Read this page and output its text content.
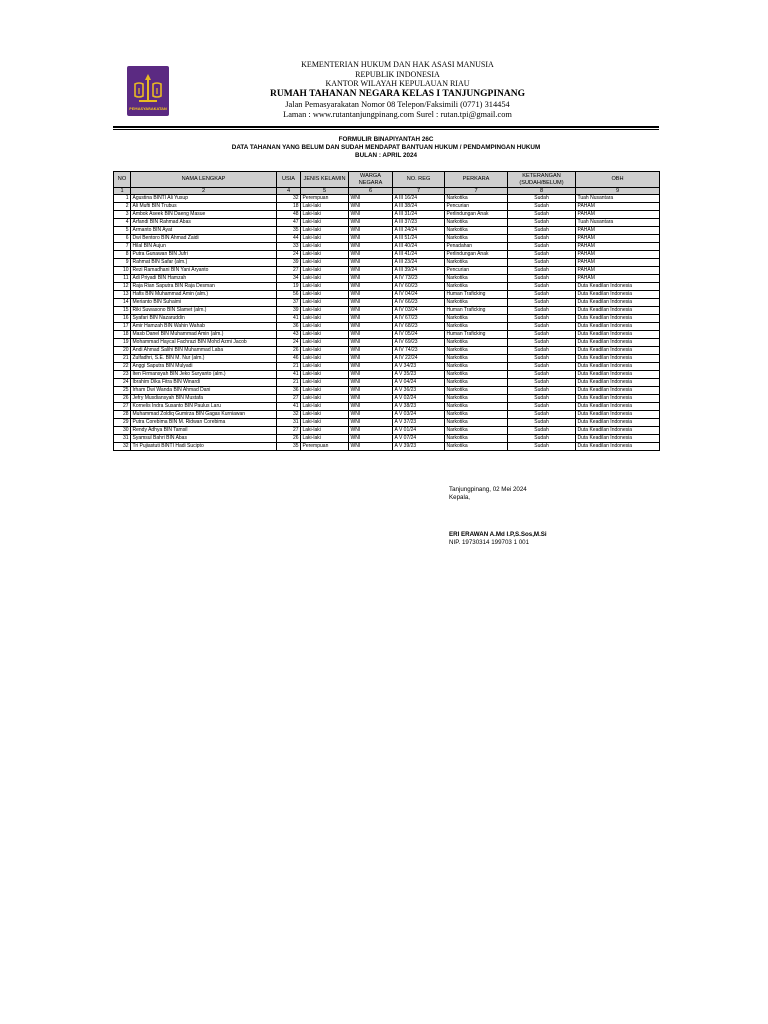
PEMASYARAKATAN
KEMENTERIAN HUKUM DAN HAK ASASI MANUSIA
REPUBLIK INDONESIA
KANTOR WILAYAH KEPULAUAN RIAU
RUMAH TAHANAN NEGARA KELAS I TANJUNGPINANG
Jalan Pemasyarakatan Nomor 08 Telepon/Faksimili (0771) 314454
Laman : www.rutantanjungpinang.com Surel : rutan.tpi@gmail.com
FORMULIR BINAPIYANTAH 26C
DATA TAHANAN YANG BELUM DAN SUDAH MENDAPAT BANTUAN HUKUM / PENDAMPINGAN HUKUM
BULAN : APRIL 2024
NO	NAMA LENGKAP	USIA	JENIS KELAMIN	WARGA NEGARA	NO. REG	PERKARA	KETERANGAN (SUDAH/BELUM)	OBH
1	2	4	5	6	7	7	8	9
1	Agustina BINTI Ali Yusup	32	Perempuan	WNI	A III 16/24	Narkotika	Sudah	Tuah Nusantara
2	Ali Mufti BIN Trubus	18	Laki-laki	WNI	A III 38/24	Pencurian	Sudah	PAHAM
3	Ambok Aseek BIN Daeng Masue	48	Laki-laki	WNI	A III 31/24	Perlindungan Anak	Sudah	PAHAM
4	Arfandi BIN Rahmad Abas	47	Laki-laki	WNI	A III 37/23	Narkotika	Sudah	Tuah Nusantara
5	Armanto BIN Ayat	35	Laki-laki	WNI	A III 24/24	Narkotika	Sudah	PAHAM
6	Dwi Bentoro BIN Ahmad Zaidi	44	Laki-laki	WNI	A III 51/24	Narkotika	Sudah	PAHAM
7	Hilal BIN Aujun	33	Laki-laki	WNI	A III 40/24	Penadahan	Sudah	PAHAM
8	Putra Gunawan BIN Jufri	24	Laki-laki	WNI	A III 41/24	Perlindungan Anak	Sudah	PAHAM
9	Rahmat BIN Safar (alm.)	39	Laki-laki	WNI	A III 23/24	Narkotika	Sudah	PAHAM
10	Rezi Ramadhani BIN Yani Aryanto	27	Laki-laki	WNI	A III 39/24	Pencurian	Sudah	PAHAM
11	Adi Priyadi BIN Hamzah	34	Laki-laki	WNI	A IV 73/23	Narkotika	Sudah	PAHAM
12	Raja Rian Saputra BIN Raja Desman	19	Laki-laki	WNI	A IV 60/23	Narkotika	Sudah	Duta Keadilan Indonesia
13	Hafis BIN Muhammad Amin (alm.)	56	Laki-laki	WNI	A IV 04/24	Human Traficking	Sudah	Duta Keadilan Indonesia
14	Merianto BIN Suhaimi	37	Laki-laki	WNI	A IV 66/23	Narkotika	Sudah	Duta Keadilan Indonesia
15	Riki Suwasono BIN Slamet (alm.)	39	Laki-laki	WNI	A IV 03/24	Human Traficking	Sudah	Duta Keadilan Indonesia
16	Syafari BIN Nazaruddin	41	Laki-laki	WNI	A IV 67/23	Narkotika	Sudah	Duta Keadilan Indonesia
17	Amir Hamzah BIN Wahin Wahab	36	Laki-laki	WNI	A IV 68/23	Narkotika	Sudah	Duta Keadilan Indonesia
18	Masb Danel BIN Muhammad Amin (alm.)	43	Laki-laki	WNI	A IV 05/24	Human Traficking	Sudah	Duta Keadilan Indonesia
19	Mohammad Haycal Fachrazi BIN Mohd Azmi Jacob	24	Laki-laki	WNI	A IV 69/23	Narkotika	Sudah	Duta Keadilan Indonesia
20	Andi Ahmad Salihi BIN Muhammad Laba	26	Laki-laki	WNI	A IV 74/23	Narkotika	Sudah	Duta Keadilan Indonesia
21	Zulfadhri, S.E. BIN M. Nur (alm.)	46	Laki-laki	WNI	A IV 22/24	Narkotika	Sudah	Duta Keadilan Indonesia
22	Anggi Saputra BIN Mulyadi	21	Laki-laki	WNI	A V 34/23	Narkotika	Sudah	Duta Keadilan Indonesia
23	Iten Firmansyah BIN Jeko Suryanto (alm.)	41	Laki-laki	WNI	A V 35/23	Narkotika	Sudah	Duta Keadilan Indonesia
24	Ibrahim Dika Fitra BIN Winardi	21	Laki-laki	WNI	A V 04/24	Narkotika	Sudah	Duta Keadilan Indonesia
25	Irham Dwi Wanda BIN Ahmad Dani	36	Laki-laki	WNI	A V 36/23	Narkotika	Sudah	Duta Keadilan Indonesia
26	Jefry Musdiansyah BIN Mustafa	27	Laki-laki	WNI	A V 02/24	Narkotika	Sudah	Duta Keadilan Indonesia
27	Kornelis Indra Susanto BIN Paulus Laru	41	Laki-laki	WNI	A V 38/23	Narkotika	Sudah	Duta Keadilan Indonesia
28	Muhammad Zoldiq Gumirza BIN Gagas Kurniawan	32	Laki-laki	WNI	A V 03/24	Narkotika	Sudah	Duta Keadilan Indonesia
29	Putra Corebima BIN M. Ridwan Corebima	31	Laki-laki	WNI	A V 37/23	Narkotika	Sudah	Duta Keadilan Indonesia
30	Rendy Adhya BIN Tamsil	27	Laki-laki	WNI	A V 01/24	Narkotika	Sudah	Duta Keadilan Indonesia
31	Syamsul Bahri BIN Abas	26	Laki-laki	WNI	A V 07/24	Narkotika	Sudah	Duta Keadilan Indonesia
32	Tri Pujiastuti BINTI Hadi Sucipto	35	Perempuan	WNI	A V 39/23	Narkotika	Sudah	Duta Keadilan Indonesia
Tanjungpinang, 02 Mei 2024
Kepala,
ERI ERAWAN A.Md I.P,S.Sos,M.Si
NIP. 19730314 199703 1 001
